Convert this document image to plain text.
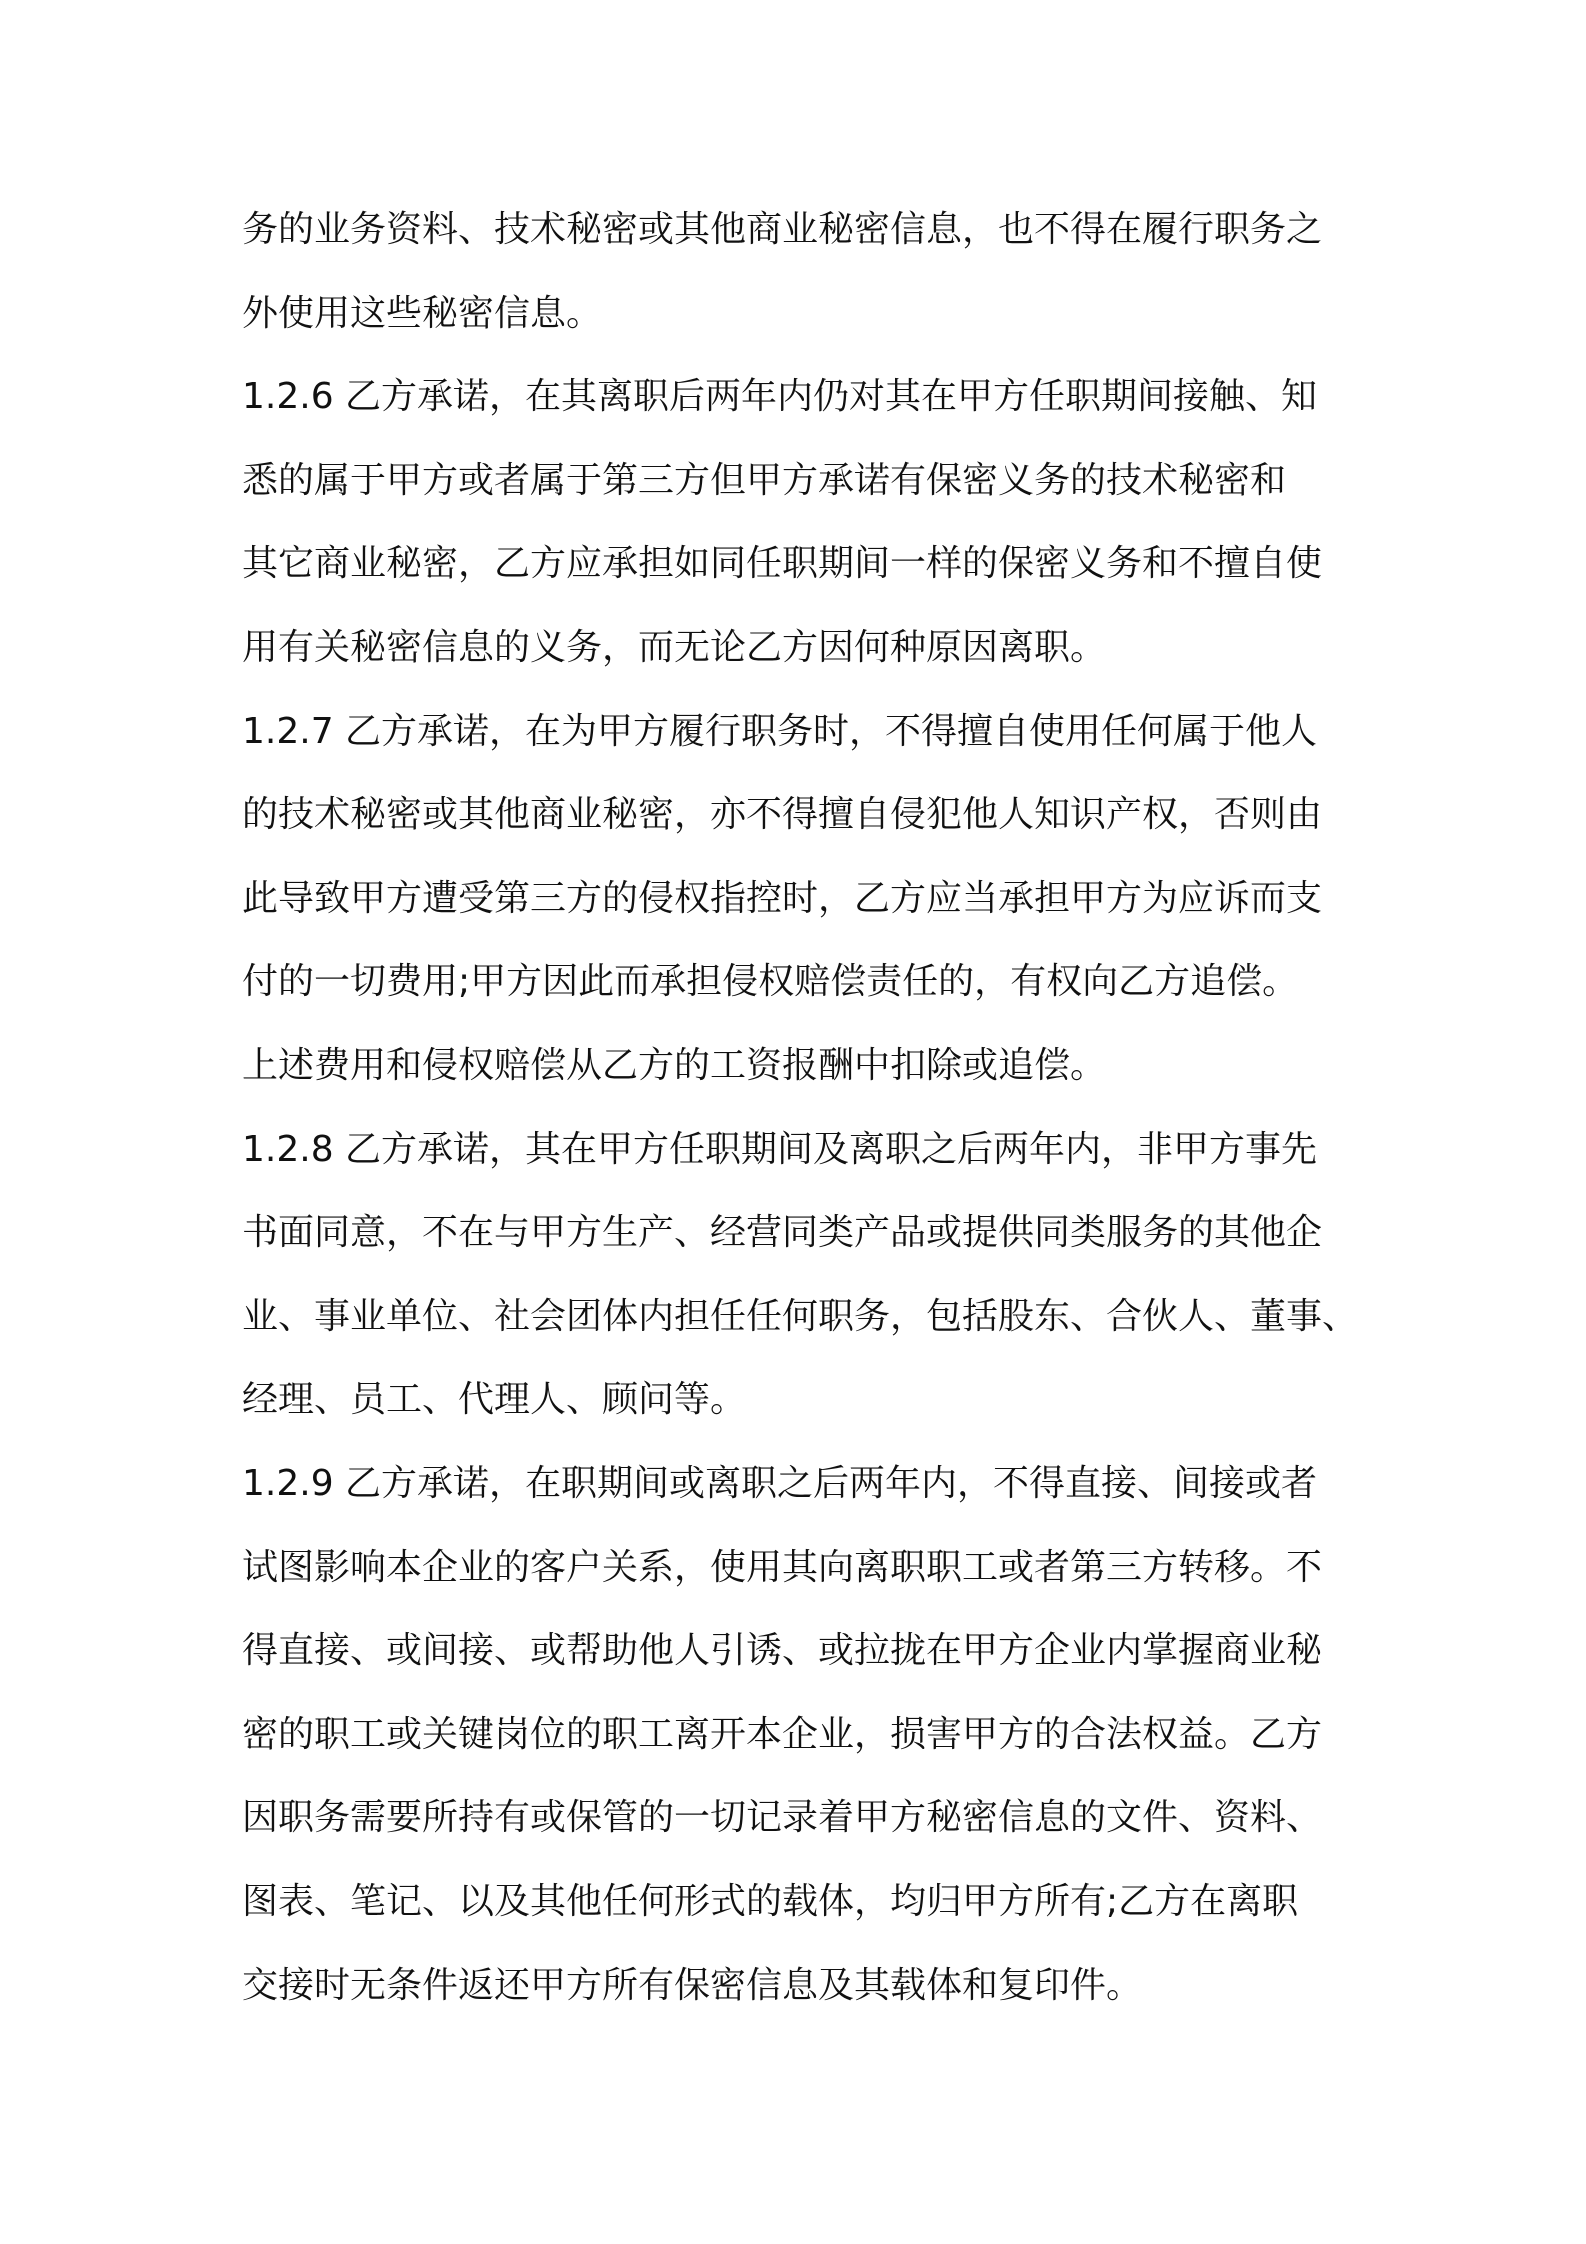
务的业务资料、技术秘密或其他商业秘密信息，也不得在履行职务之
外使用这些秘密信息。
1.2.6 乙方承诺，在其离职后两年内仍对其在甲方任职期间接触、知
悉的属于甲方或者属于第三方但甲方承诺有保密义务的技术秘密和
其它商业秘密，乙方应承担如同任职期间一样的保密义务和不擅自使
用有关秘密信息的义务，而无论乙方因何种原因离职。
1.2.7 乙方承诺，在为甲方履行职务时，不得擅自使用任何属于他人
的技术秘密或其他商业秘密，亦不得擅自侵犯他人知识产权，否则由
此导致甲方遭受第三方的侵权指控时，乙方应当承担甲方为应诉而支
付的一切费用;甲方因此而承担侵权赔偿责任的，有权向乙方追偿。
上述费用和侵权赔偿从乙方的工资报酬中扣除或追偿。
1.2.8 乙方承诺，其在甲方任职期间及离职之后两年内，非甲方事先
书面同意，不在与甲方生产、经营同类产品或提供同类服务的其他企
业、事业单位、社会团体内担任任何职务，包括股东、合伙人、董事、
经理、员工、代理人、顾问等。
1.2.9 乙方承诺，在职期间或离职之后两年内，不得直接、间接或者
试图影响本企业的客户关系，使用其向离职职工或者第三方转移。不
得直接、或间接、或帮助他人引诱、或拉拢在甲方企业内掌握商业秘
密的职工或关键岗位的职工离开本企业，损害甲方的合法权益。乙方
因职务需要所持有或保管的一切记录着甲方秘密信息的文件、资料、
图表、笔记、以及其他任何形式的载体，均归甲方所有;乙方在离职
交接时无条件返还甲方所有保密信息及其载体和复印件。
